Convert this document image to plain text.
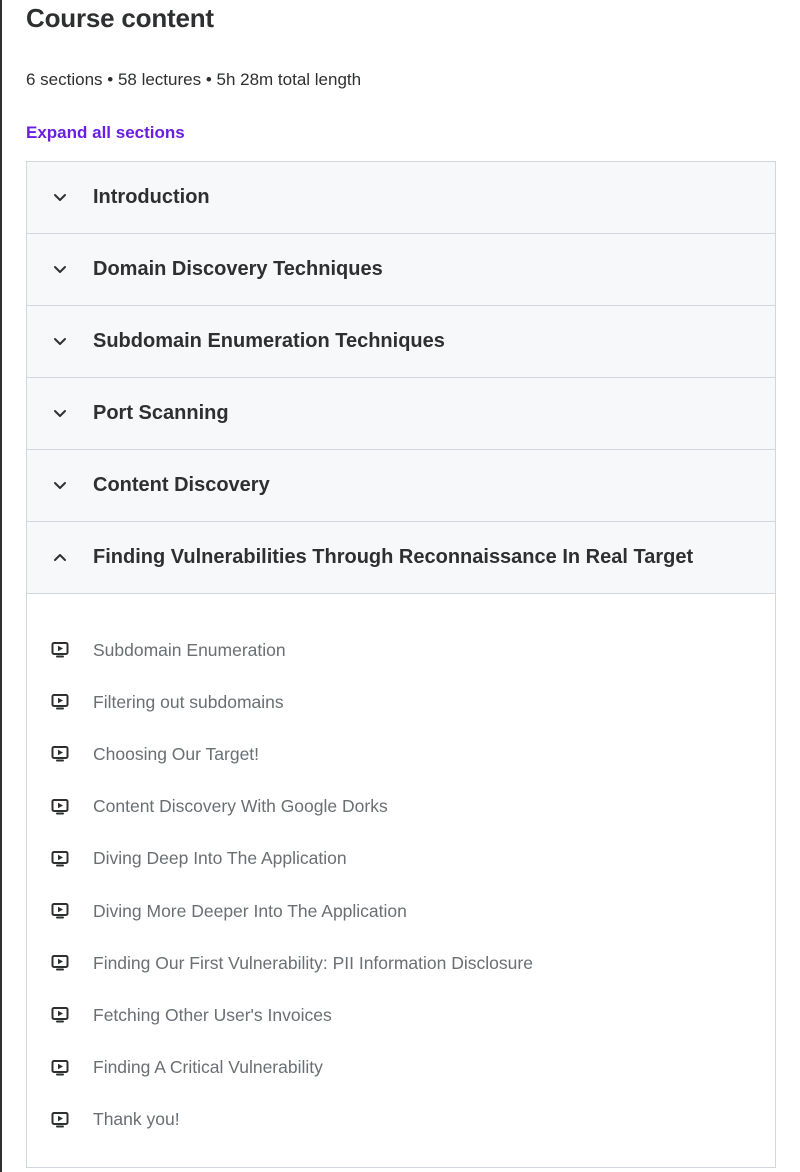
Course content
6 sections • 58 lectures • 5h 28m total length
Expand all sections
Introduction
Domain Discovery Techniques
Subdomain Enumeration Techniques
Port Scanning
Content Discovery
Finding Vulnerabilities Through Reconnaissance In Real Target
Subdomain Enumeration
Filtering out subdomains
Choosing Our Target!
Content Discovery With Google Dorks
Diving Deep Into The Application
Diving More Deeper Into The Application
Finding Our First Vulnerability: PII Information Disclosure
Fetching Other User's Invoices
Finding A Critical Vulnerability
Thank you!
